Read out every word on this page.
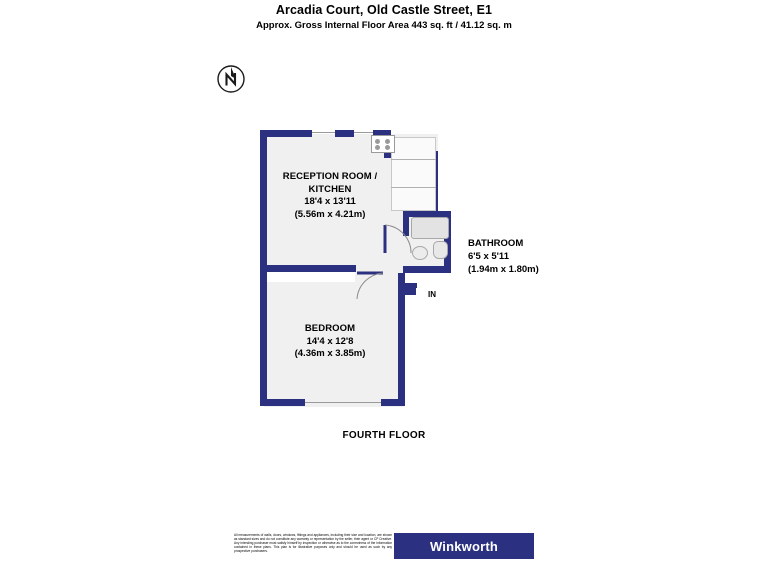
Arcadia Court, Old Castle Street, E1
Approx. Gross Internal Floor Area 443 sq. ft / 41.12 sq. m
RECEPTION ROOM /
KITCHEN
18'4 x 13'11
(5.56m x 4.21m)
BEDROOM
14'4 x 12'8
(4.36m x 3.85m)
BATHROOM
6'5 x 5'11
(1.94m x 1.80m)
IN
FOURTH FLOOR
All measurements of walls, doors, windows, fittings and appliances, including their size and location, are shown as standard sizes and do not constitute any warranty or representation by the seller, their agent or CP Creative. Any intending purchaser must satisfy himself by inspection or otherwise as to the correctness of the information contained in these plans. This plan is for illustrative purposes only and should be used as such by any prospective purchasers.	Winkworth
